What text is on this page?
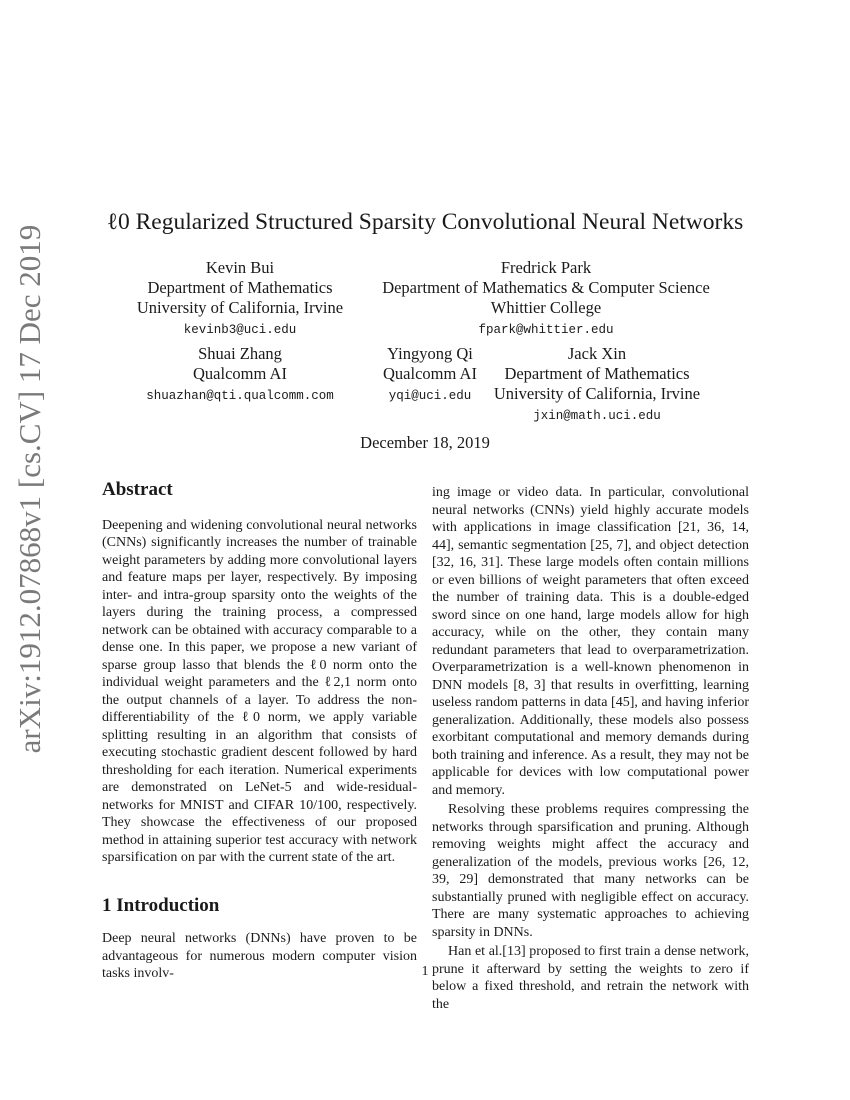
arXiv:1912.07868v1 [cs.CV] 17 Dec 2019
ℓ0 Regularized Structured Sparsity Convolutional Neural Networks
Kevin Bui
Department of Mathematics
University of California, Irvine
kevinb3@uci.edu
Fredrick Park
Department of Mathematics & Computer Science
Whittier College
fpark@whittier.edu
Shuai Zhang
Qualcomm AI
shuazhan@qti.qualcomm.com
Yingyong Qi
Qualcomm AI
yqi@uci.edu
Jack Xin
Department of Mathematics
University of California, Irvine
jxin@math.uci.edu
December 18, 2019
Abstract

Deepening and widening convolutional neural networks (CNNs) significantly increases the number of trainable weight parameters by adding more convolutional layers and feature maps per layer, respectively. By imposing inter- and intra-group sparsity onto the weights of the layers during the training process, a compressed network can be obtained with accuracy comparable to a dense one. In this paper, we propose a new variant of sparse group lasso that blends the ℓ0 norm onto the individual weight parameters and the ℓ2,1 norm onto the output channels of a layer. To address the non-differentiability of the ℓ0 norm, we apply variable splitting resulting in an algorithm that consists of executing stochastic gradient descent followed by hard thresholding for each iteration. Numerical experiments are demonstrated on LeNet-5 and wide-residual-networks for MNIST and CIFAR 10/100, respectively. They showcase the effectiveness of our proposed method in attaining superior test accuracy with network sparsification on par with the current state of the art.

1 Introduction

Deep neural networks (DNNs) have proven to be advantageous for numerous modern computer vision tasks involv-

ing image or video data. In particular, convolutional neural networks (CNNs) yield highly accurate models with applications in image classification [21, 36, 14, 44], semantic segmentation [25, 7], and object detection [32, 16, 31]. These large models often contain millions or even billions of weight parameters that often exceed the number of training data. This is a double-edged sword since on one hand, large models allow for high accuracy, while on the other, they contain many redundant parameters that lead to overparametrization. Overparametrization is a well-known phenomenon in DNN models [8, 3] that results in overfitting, learning useless random patterns in data [45], and having inferior generalization. Additionally, these models also possess exorbitant computational and memory demands during both training and inference. As a result, they may not be applicable for devices with low computational power and memory.

Resolving these problems requires compressing the networks through sparsification and pruning. Although removing weights might affect the accuracy and generalization of the models, previous works [26, 12, 39, 29] demonstrated that many networks can be substantially pruned with negligible effect on accuracy. There are many systematic approaches to achieving sparsity in DNNs.

Han et al.[13] proposed to first train a dense network, prune it afterward by setting the weights to zero if below a fixed threshold, and retrain the network with the

1
